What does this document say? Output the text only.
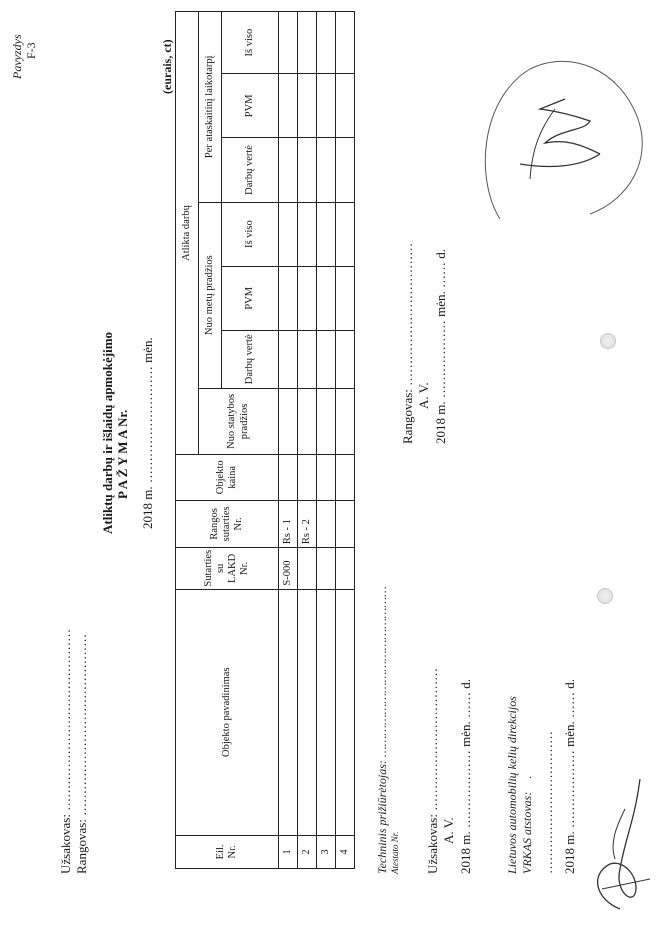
Pavyzdys F-3
Užsakovas: ……………………………………
Rangovas: ……………………………………
Atliktų darbų ir išlaidų apmokėjimo P A Ž Y M A Nr.
2018 m. ……………………… mėn.
(eurais, ct)
Eil. Nr.	Objekto pavadinimas	Sutarties su LAKD Nr.	Rangos sutarties Nr.	Objekto kaina	Atlikta darbų						
					Nuo statybos pradžios	Nuo metų pradžios			Per ataskaitinį laikotarpį		
						Darbų vertė	PVM	Iš viso	Darbų vertė	PVM	Iš viso
1		S-000	Rs - 1								
2			Rs - 2								
3											
4											Techninis prižiūrėtojas: …………………………………………
Atestato Nr. Užsakovas: ……………………………
A. V.
2018 m. ……………… mėn. …… d.
Lietuvos automobilių kelių direkcijos VRKAS atstovas: . …………………………… 2018 m. ……………… mėn. …… d.
Rangovas: ……………………………
A. V.
2018 m. ……………… mėn. …… d.
